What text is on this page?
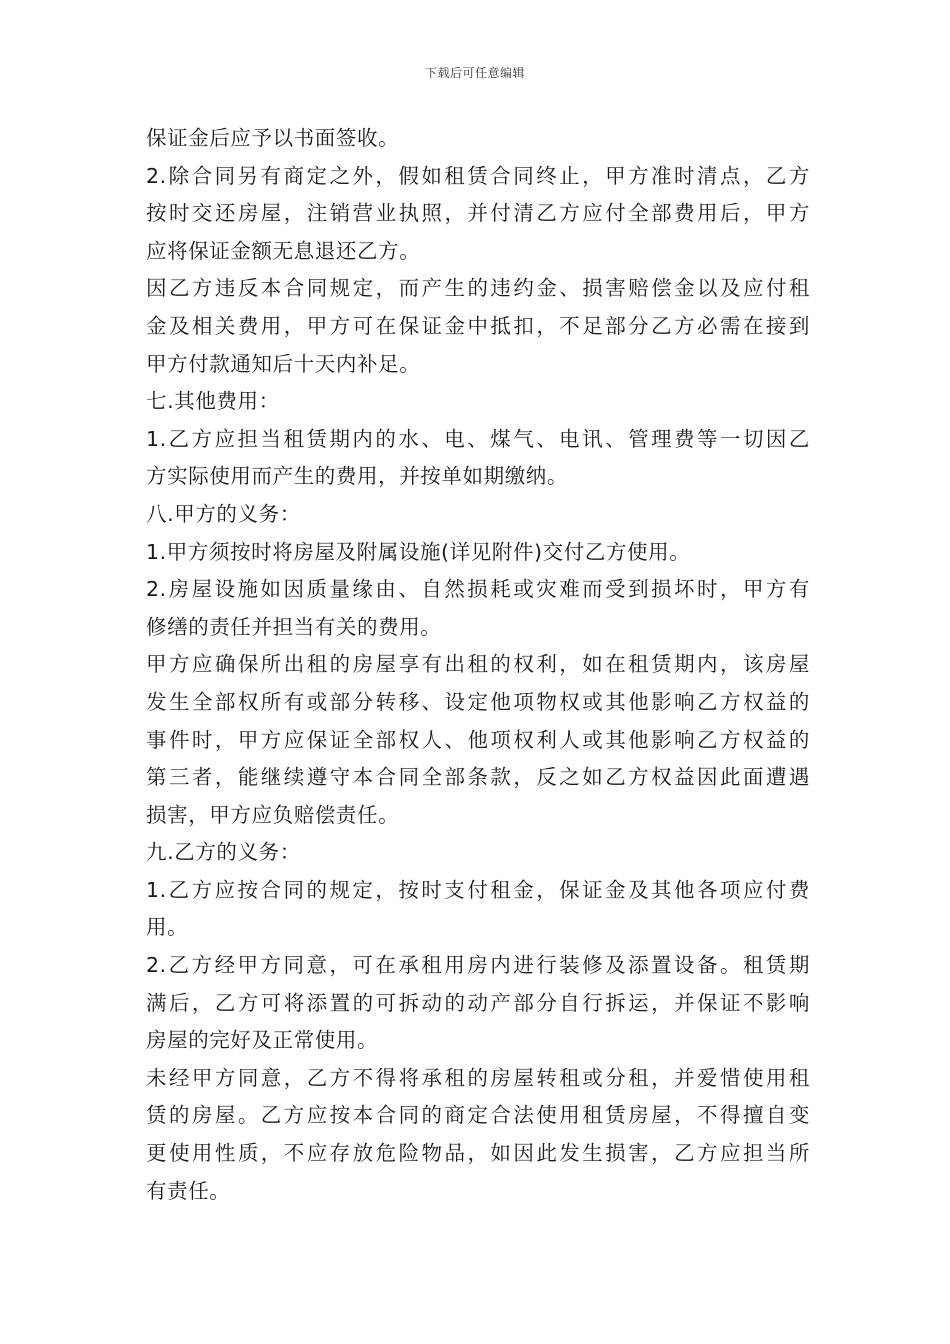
下载后可任意编辑
保证金后应予以书面签收。
2.除合同另有商定之外，假如租赁合同终止，甲方准时清点，乙方
按时交还房屋，注销营业执照，并付清乙方应付全部费用后，甲方
应将保证金额无息退还乙方。
因乙方违反本合同规定，而产生的违约金、损害赔偿金以及应付租
金及相关费用，甲方可在保证金中抵扣，不足部分乙方必需在接到
甲方付款通知后十天内补足。
七.其他费用：
1.乙方应担当租赁期内的水、电、煤气、电讯、管理费等一切因乙
方实际使用而产生的费用，并按单如期缴纳。
八.甲方的义务：
1.甲方须按时将房屋及附属设施(详见附件)交付乙方使用。
2.房屋设施如因质量缘由、自然损耗或灾难而受到损坏时，甲方有
修缮的责任并担当有关的费用。
甲方应确保所出租的房屋享有出租的权利，如在租赁期内，该房屋
发生全部权所有或部分转移、设定他项物权或其他影响乙方权益的
事件时，甲方应保证全部权人、他项权利人或其他影响乙方权益的
第三者，能继续遵守本合同全部条款，反之如乙方权益因此面遭遇
损害，甲方应负赔偿责任。
九.乙方的义务：
1.乙方应按合同的规定，按时支付租金，保证金及其他各项应付费
用。
2.乙方经甲方同意，可在承租用房内进行装修及添置设备。租赁期
满后，乙方可将添置的可拆动的动产部分自行拆运，并保证不影响
房屋的完好及正常使用。
未经甲方同意，乙方不得将承租的房屋转租或分租，并爱惜使用租
赁的房屋。乙方应按本合同的商定合法使用租赁房屋，不得擅自变
更使用性质，不应存放危险物品，如因此发生损害，乙方应担当所
有责任。
